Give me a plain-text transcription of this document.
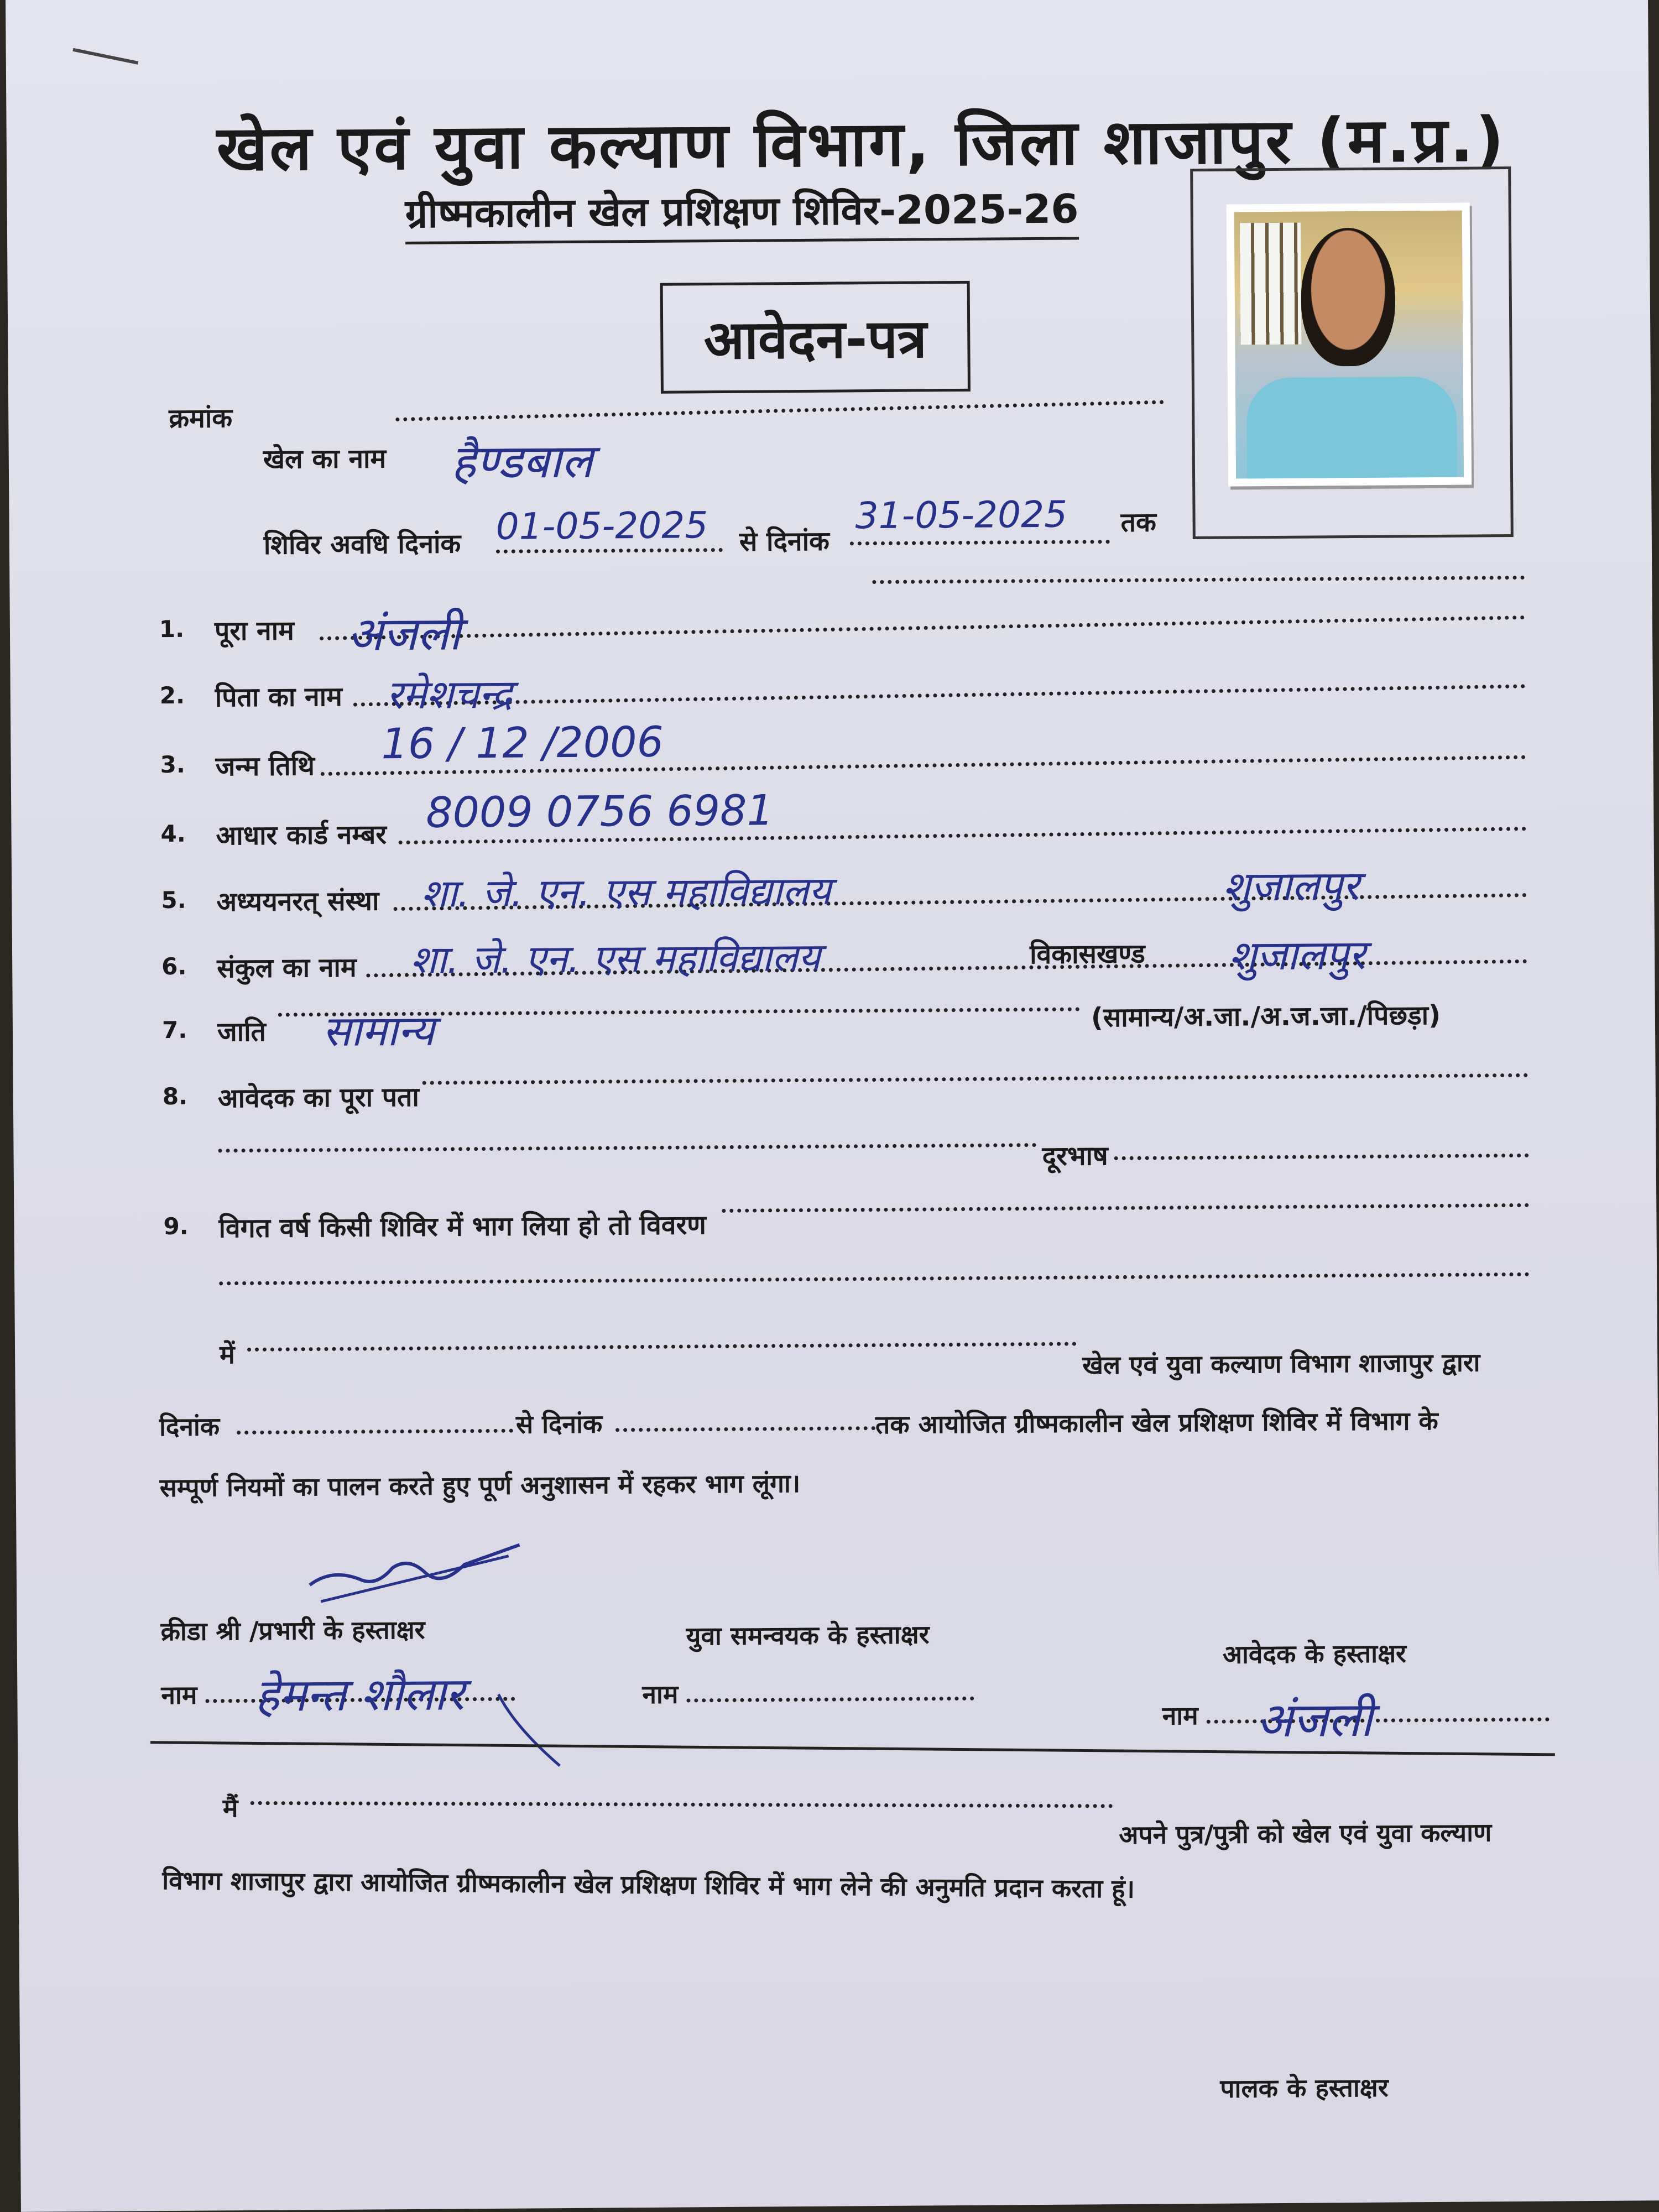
खेल एवं युवा कल्याण विभाग, जिला शाजापुर (म.प्र.)
ग्रीष्मकालीन खेल प्रशिक्षण शिविर-2025-26
आवेदन-पत्र
क्रमांक
खेल का नाम हैण्डबाल
शिविर अवधि दिनांक 01-05-2025 से दिनांक
31-05-2025 तक
1. पूरा नाम अंजली
2. पिता का नाम रमेशचन्द्र
3. जन्म तिथि 16 / 12 /2006
4. आधार कार्ड नम्बर 8009 0756 6981
5. अध्ययनरत् संस्था शा. जे. एन. एस महाविद्यालय	शुजालपुर
6. संकुल का नाम शा. जे. एन. एस महाविद्यालय	विकासखण्ड शुजालपुर
7. जाति सामान्य	(सामान्य/अ.जा./अ.ज.जा./पिछड़ा)
8. आवेदक का पूरा पता
दूरभाष
9. विगत वर्ष किसी शिविर में भाग लिया हो तो विवरण
में	खेल एवं युवा कल्याण विभाग शाजापुर द्वारा
दिनांक	से दिनांक	तक आयोजित ग्रीष्मकालीन खेल प्रशिक्षण शिविर में विभाग के
सम्पूर्ण नियमों का पालन करते हुए पूर्ण अनुशासन में रहकर भाग लूंगा।
क्रीडा श्री /प्रभारी के हस्ताक्षर	युवा समन्वयक के हस्ताक्षर
आवेदक के हस्ताक्षर
नाम हेमन्त शौलार	नाम
नाम अंजली
मैं
अपने पुत्र/पुत्री को खेल एवं युवा कल्याण
विभाग शाजापुर द्वारा आयोजित ग्रीष्मकालीन खेल प्रशिक्षण शिविर में भाग लेने की अनुमति प्रदान करता हूं।
पालक के हस्ताक्षर
